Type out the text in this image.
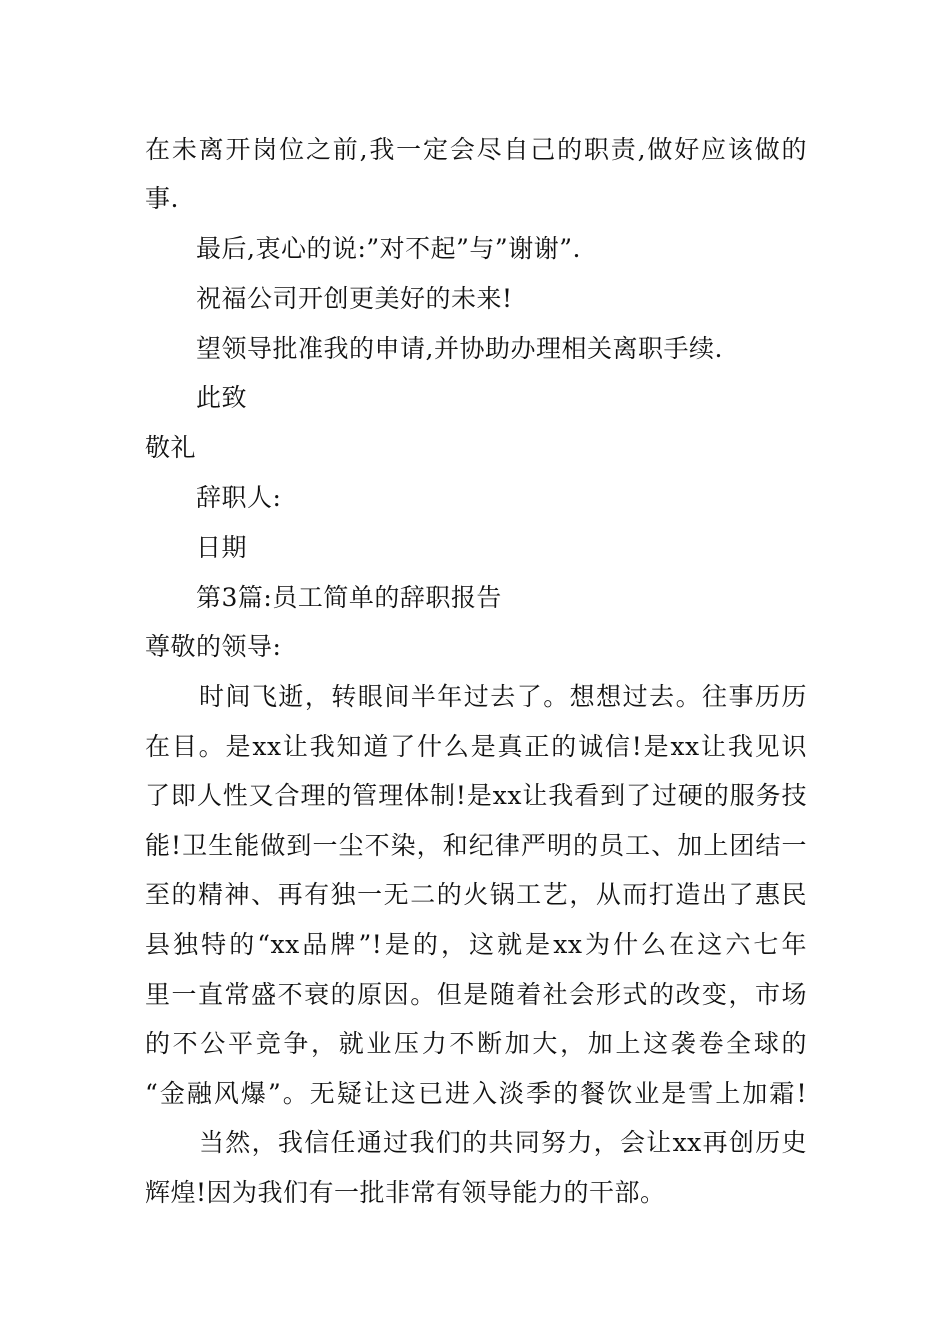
在未离开岗位之前,我一定会尽自己的职责,做好应该做的
事.
最后,衷心的说:”对不起”与”谢谢”.
祝福公司开创更美好的未来!
望领导批准我的申请,并协助办理相关离职手续.
此致
敬礼
辞职人:
日期
第3篇:员工简单的辞职报告
尊敬的领导:
时间飞逝，转眼间半年过去了。想想过去。往事历历
在目。是xx让我知道了什么是真正的诚信!是xx让我见识
了即人性又合理的管理体制!是xx让我看到了过硬的服务技
能!卫生能做到一尘不染，和纪律严明的员工、加上团结一
至的精神、再有独一无二的火锅工艺，从而打造出了惠民
县独特的“xx品牌”!是的，这就是xx为什么在这六七年
里一直常盛不衰的原因。但是随着社会形式的改变，市场
的不公平竞争，就业压力不断加大，加上这袭卷全球的
“金融风爆”。无疑让这已进入淡季的餐饮业是雪上加霜!
当然，我信任通过我们的共同努力，会让xx再创历史
辉煌!因为我们有一批非常有领导能力的干部。
